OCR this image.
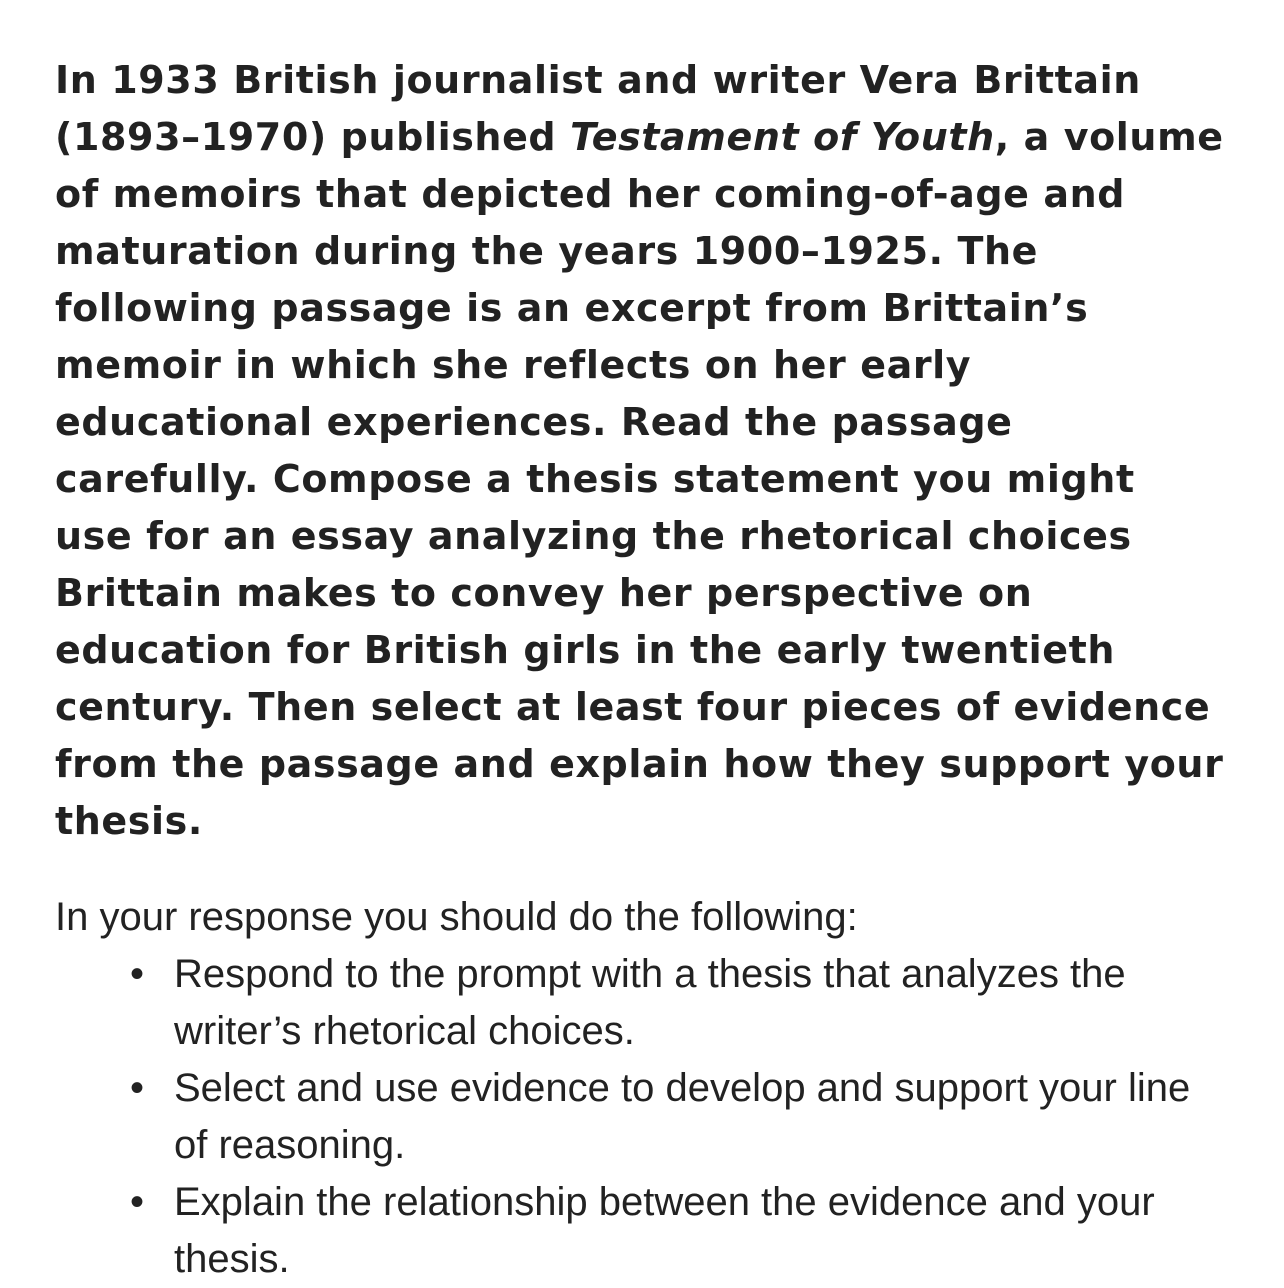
In 1933 British journalist and writer Vera Brittain (1893–1970) published Testament of Youth, a volume of memoirs that depicted her coming-of-age and maturation during the years 1900–1925. The following passage is an excerpt from Brittain’s memoir in which she reflects on her early educational experiences. Read the passage carefully. Compose a thesis statement you might use for an essay analyzing the rhetorical choices Brittain makes to convey her perspective on education for British girls in the early twentieth century. Then select at least four pieces of evidence from the passage and explain how they support your thesis.

In your response you should do the following:

• Respond to the prompt with a thesis that analyzes the writer’s rhetorical choices.
• Select and use evidence to develop and support your line of reasoning.
• Explain the relationship between the evidence and your thesis.
